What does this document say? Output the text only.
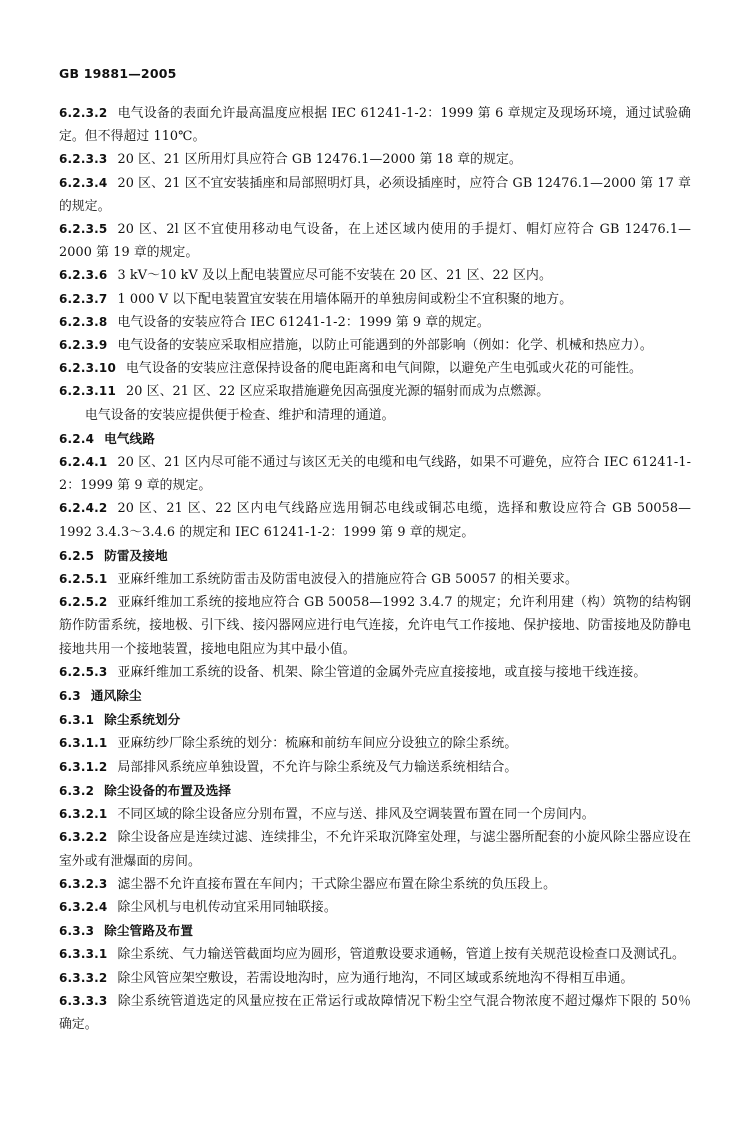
GB 19881—2005

6.2.3.2 电气设备的表面允许最高温度应根据 IEC 61241-1-2：1999 第 6 章规定及现场环境，通过试验确定。但不得超过 110℃。

6.2.3.3 20 区、21 区所用灯具应符合 GB 12476.1—2000 第 18 章的规定。

6.2.3.4 20 区、21 区不宜安装插座和局部照明灯具，必须设插座时，应符合 GB 12476.1—2000 第 17 章的规定。

6.2.3.5 20 区、2l 区不宜使用移动电气设备，在上述区域内使用的手提灯、帽灯应符合 GB 12476.1—2000 第 19 章的规定。

6.2.3.6 3 kV～10 kV 及以上配电装置应尽可能不安装在 20 区、21 区、22 区内。

6.2.3.7 1 000 V 以下配电装置宜安装在用墙体隔开的单独房间或粉尘不宜积聚的地方。

6.2.3.8 电气设备的安装应符合 IEC 61241-1-2：1999 第 9 章的规定。

6.2.3.9 电气设备的安装应采取相应措施，以防止可能遇到的外部影响（例如：化学、机械和热应力）。

6.2.3.10 电气设备的安装应注意保持设备的爬电距离和电气间隙，以避免产生电弧或火花的可能性。

6.2.3.11 20 区、21 区、22 区应采取措施避免因高强度光源的辐射而成为点燃源。

电气设备的安装应提供便于检查、维护和清理的通道。

6.2.4 电气线路

6.2.4.1 20 区、21 区内尽可能不通过与该区无关的电缆和电气线路，如果不可避免，应符合 IEC 61241-1-2：1999 第 9 章的规定。

6.2.4.2 20 区、21 区、22 区内电气线路应选用铜芯电线或铜芯电缆，选择和敷设应符合 GB 50058—1992 3.4.3～3.4.6 的规定和 IEC 61241-1-2：1999 第 9 章的规定。

6.2.5 防雷及接地

6.2.5.1 亚麻纤维加工系统防雷击及防雷电波侵入的措施应符合 GB 50057 的相关要求。

6.2.5.2 亚麻纤维加工系统的接地应符合 GB 50058—1992 3.4.7 的规定；允许利用建（构）筑物的结构钢筋作防雷系统，接地极、引下线、接闪器网应进行电气连接，允许电气工作接地、保护接地、防雷接地及防静电接地共用一个接地装置，接地电阻应为其中最小值。

6.2.5.3 亚麻纤维加工系统的设备、机架、除尘管道的金属外壳应直接接地，或直接与接地干线连接。

6.3 通风除尘

6.3.1 除尘系统划分

6.3.1.1 亚麻纺纱厂除尘系统的划分：梳麻和前纺车间应分设独立的除尘系统。

6.3.1.2 局部排风系统应单独设置，不允许与除尘系统及气力输送系统相结合。

6.3.2 除尘设备的布置及选择

6.3.2.1 不同区域的除尘设备应分别布置，不应与送、排风及空调装置布置在同一个房间内。

6.3.2.2 除尘设备应是连续过滤、连续排尘，不允许采取沉降室处理，与滤尘器所配套的小旋风除尘器应设在室外或有泄爆面的房间。

6.3.2.3 滤尘器不允许直接布置在车间内；干式除尘器应布置在除尘系统的负压段上。

6.3.2.4 除尘风机与电机传动宜采用同轴联接。

6.3.3 除尘管路及布置

6.3.3.1 除尘系统、气力输送管截面均应为圆形，管道敷设要求通畅，管道上按有关规范设检查口及测试孔。

6.3.3.2 除尘风管应架空敷设，若需设地沟时，应为通行地沟，不同区域或系统地沟不得相互串通。

6.3.3.3 除尘系统管道选定的风量应按在正常运行或故障情况下粉尘空气混合物浓度不超过爆炸下限的 50％确定。
